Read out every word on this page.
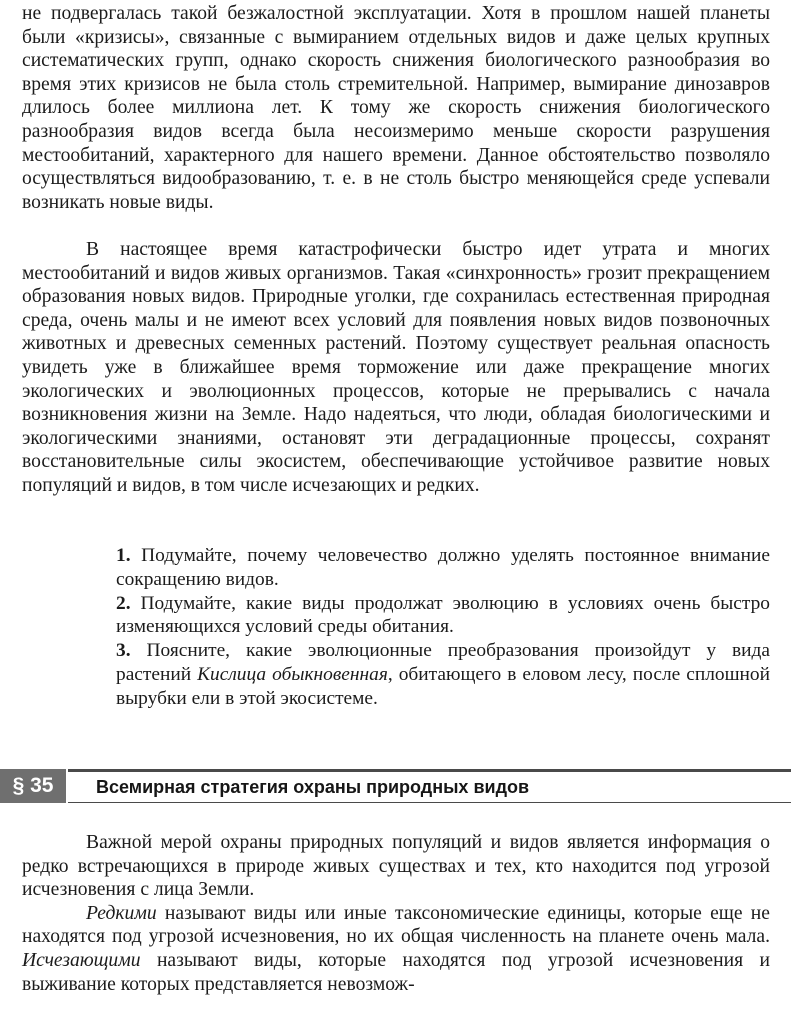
не подвергалась такой безжалостной эксплуатации. Хотя в прошлом нашей планеты были «кризисы», связанные с вымиранием отдельных видов и даже целых крупных систематических групп, однако скорость снижения биологического разнообразия во время этих кризисов не была столь стремительной. Например, вымирание динозавров длилось более миллиона лет. К тому же скорость снижения биологического разнообразия видов всегда была несоизмеримо меньше скорости разрушения местообитаний, характерного для нашего времени. Данное обстоятельство позволяло осуществляться видообразованию, т. е. в не столь быстро меняющейся среде успевали возникать новые виды.

В настоящее время катастрофически быстро идет утрата и многих местообитаний и видов живых организмов. Такая «синхронность» грозит прекращением образования новых видов. Природные уголки, где сохранилась естественная природная среда, очень малы и не имеют всех условий для появления новых видов позвоночных животных и древесных семенных растений. Поэтому существует реальная опасность увидеть уже в ближайшее время торможение или даже прекращение многих экологических и эволюционных процессов, которые не прерывались с начала возникновения жизни на Земле. Надо надеяться, что люди, обладая биологическими и экологическими знаниями, остановят эти деградационные процессы, сохранят восстановительные силы экосистем, обеспечивающие устойчивое развитие новых популяций и видов, в том числе исчезающих и редких.

1. Подумайте, почему человечество должно уделять постоянное внимание сокращению видов.

2. Подумайте, какие виды продолжат эволюцию в условиях очень быстро изменяющихся условий среды обитания.

3. Поясните, какие эволюционные преобразования произойдут у вида растений Кислица обыкновенная, обитающего в еловом лесу, после сплошной вырубки ели в этой экосистеме.

§ 35	Всемирная стратегия охраны природных видов

Важной мерой охраны природных популяций и видов является информация о редко встречающихся в природе живых существах и тех, кто находится под угрозой исчезновения с лица Земли.

Редкими называют виды или иные таксономические единицы, которые еще не находятся под угрозой исчезновения, но их общая численность на планете очень мала. Исчезающими называют виды, которые находятся под угрозой исчезновения и выживание которых представляется невозмож-
